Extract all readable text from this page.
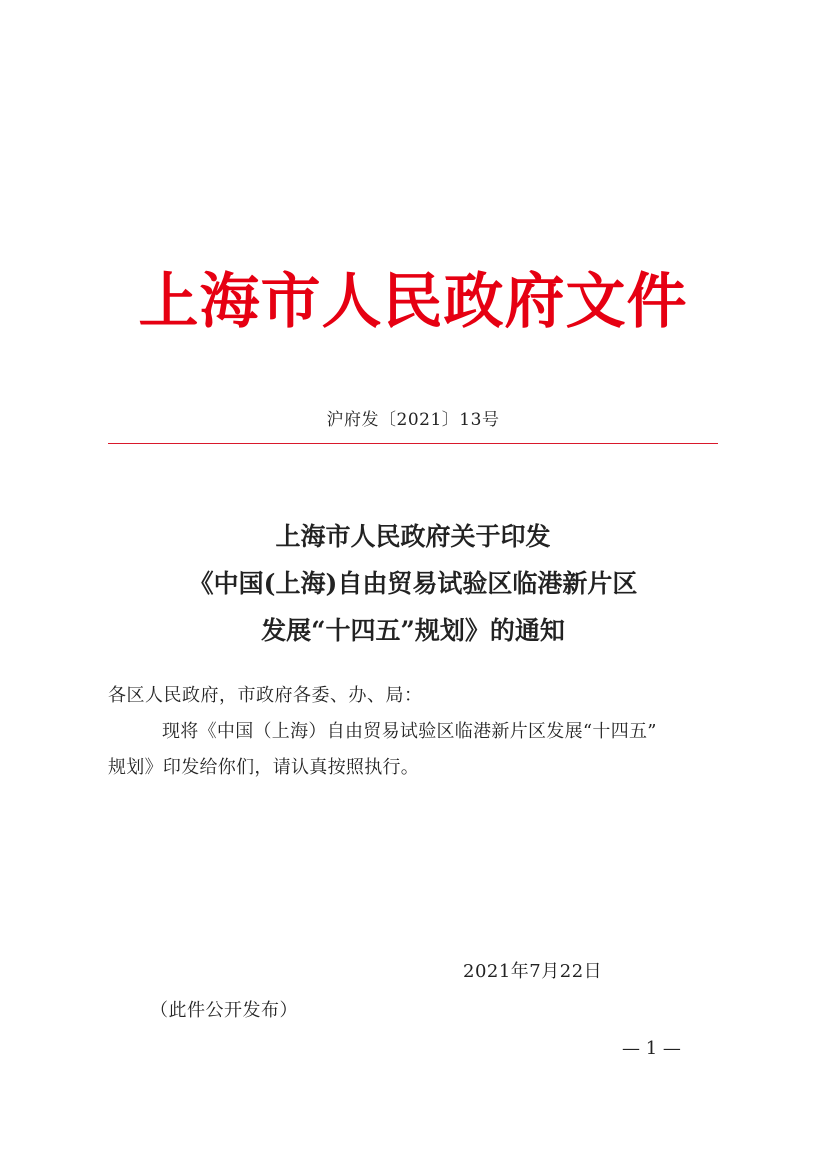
上海市人民政府文件
沪府发〔2021〕13号
上海市人民政府关于印发
《中国(上海)自由贸易试验区临港新片区
发展“十四五”规划》的通知
各区人民政府，市政府各委、办、局：
现将《中国（上海）自由贸易试验区临港新片区发展“十四五”
规划》印发给你们，请认真按照执行。
2021年7月22日
（此件公开发布）
— 1 —
